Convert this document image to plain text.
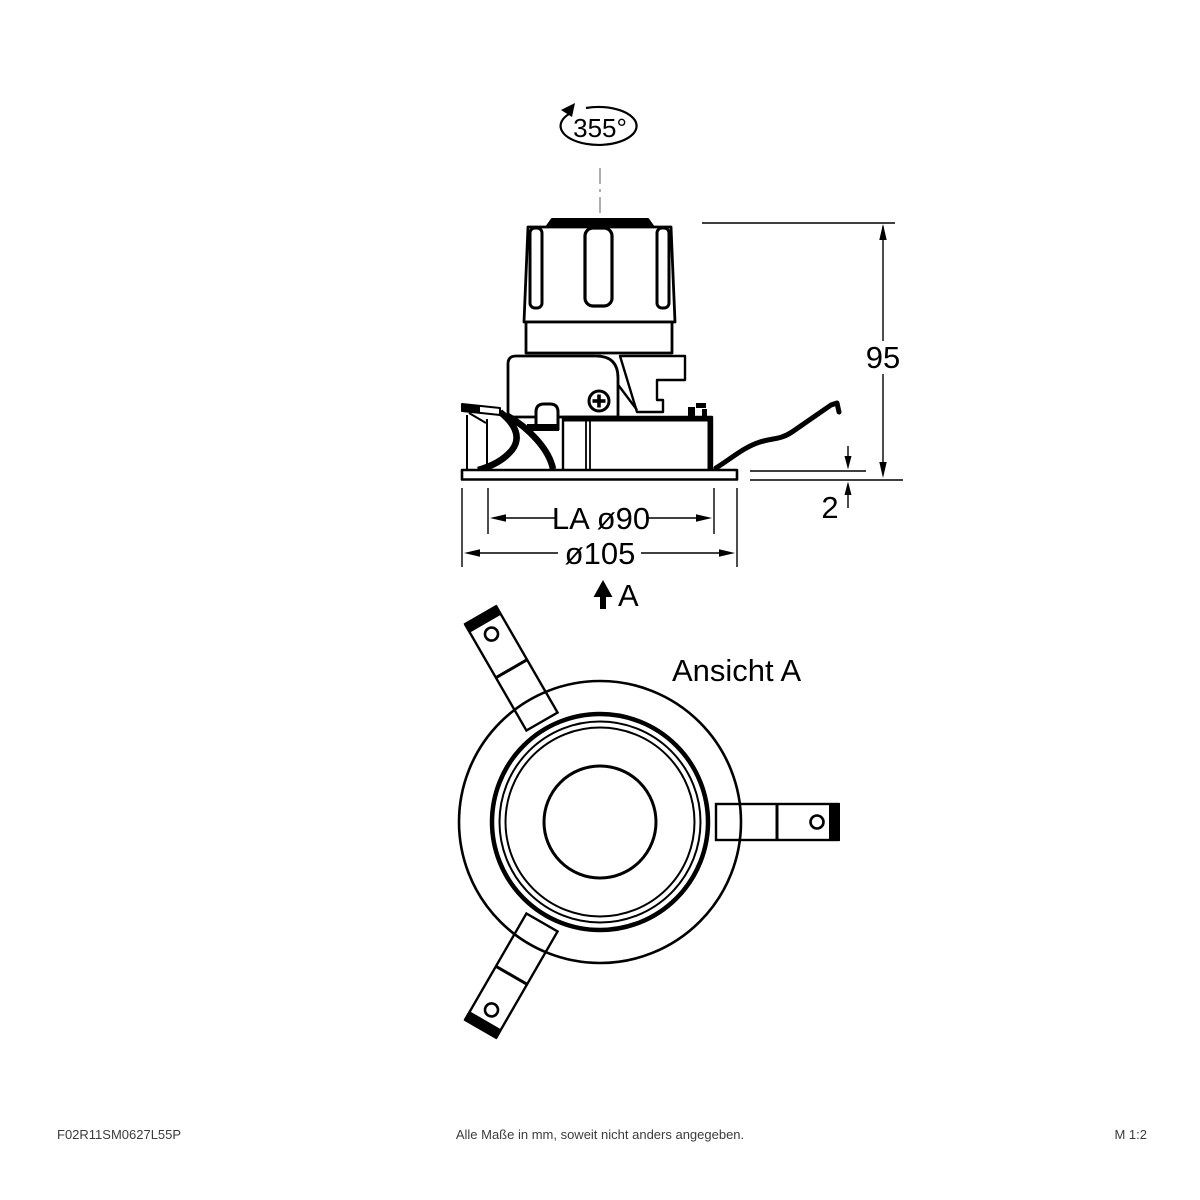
355°
95
2
LA ø90
ø105
A
Ansicht A
F02R11SM0627L55P	Alle Maße in mm, soweit nicht anders angegeben.	M 1:2
